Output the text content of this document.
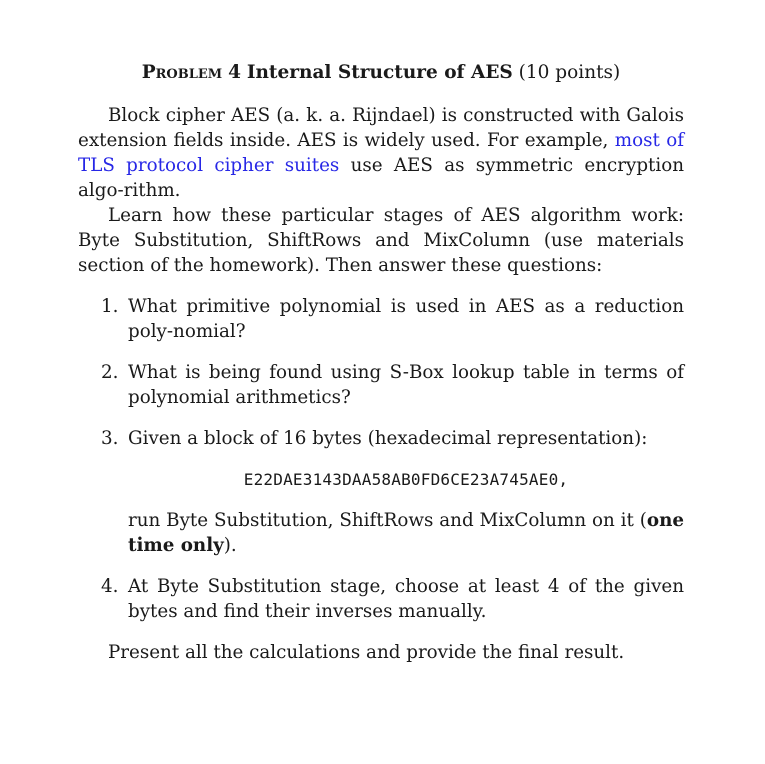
Problem 4 Internal Structure of AES (10 points)

Block cipher AES (a. k. a. Rijndael) is constructed with Galois extension fields inside. AES is widely used. For example, most of TLS protocol cipher suites use AES as symmetric encryption algo-rithm.

Learn how these particular stages of AES algorithm work: Byte Substitution, ShiftRows and MixColumn (use materials section of the homework). Then answer these questions:

1. What primitive polynomial is used in AES as a reduction poly-nomial?
2. What is being found using S-Box lookup table in terms of polynomial arithmetics?
3. Given a block of 16 bytes (hexadecimal representation):
E22DAE3143DAA58AB0FD6CE23A745AE0,
run Byte Substitution, ShiftRows and MixColumn on it (one time only).
4. At Byte Substitution stage, choose at least 4 of the given bytes and find their inverses manually.

Present all the calculations and provide the final result.
